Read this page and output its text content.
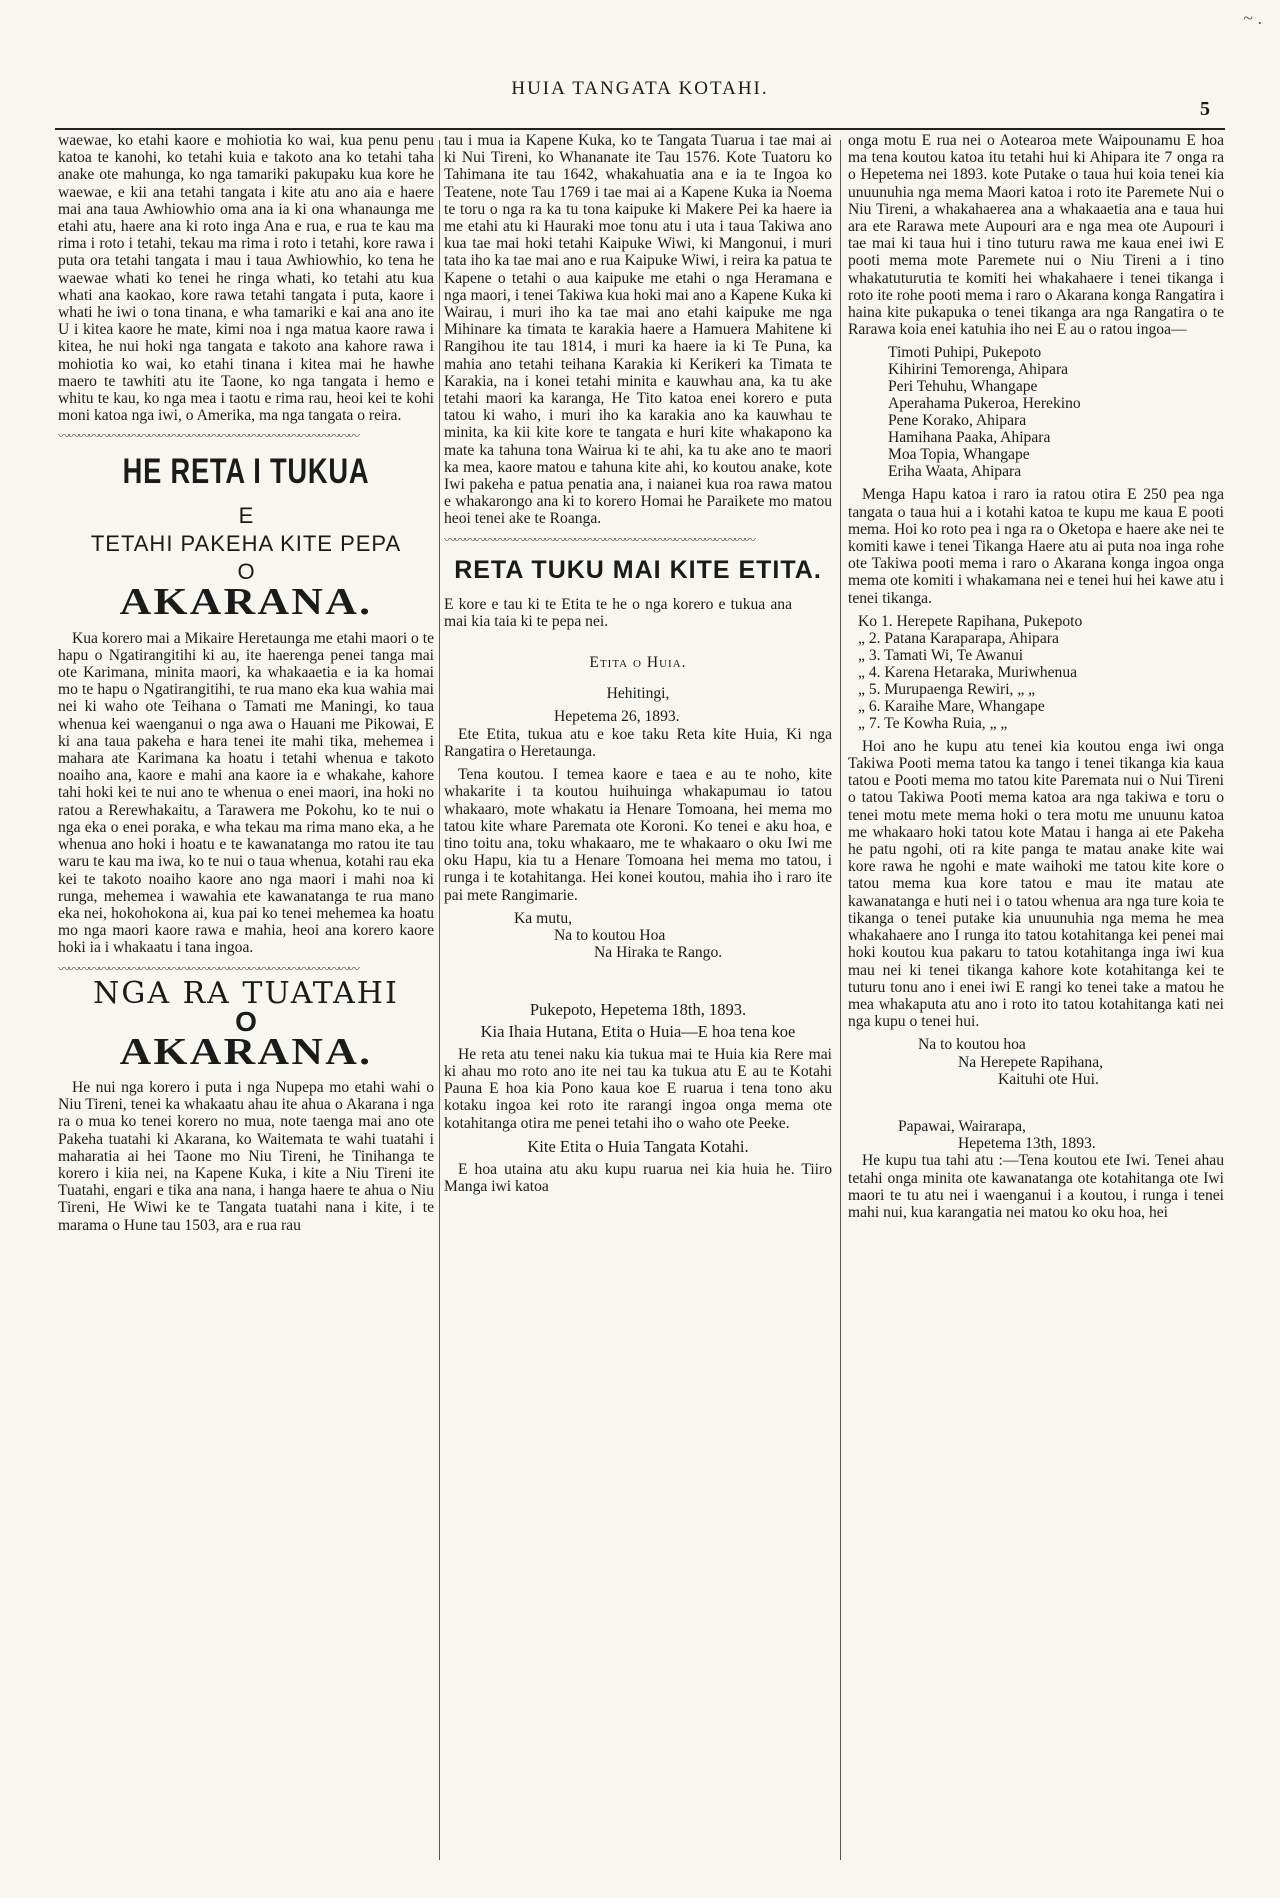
HUIA TANGATA KOTAHI.
5
~ .

waewae, ko etahi kaore e mohiotia ko wai, kua penu penu katoa te kanohi, ko tetahi kuia e takoto ana ko tetahi taha anake ote mahunga, ko nga tamariki pakupaku kua kore he waewae, e kii ana tetahi tangata i kite atu ano aia e haere mai ana taua Awhiowhio oma ana ia ki ona whanaunga me etahi atu, haere ana ki roto inga Ana e rua, e rua te kau ma rima i roto i tetahi, tekau ma rima i roto i tetahi, kore rawa i puta ora tetahi tangata i mau i taua Awhiowhio, ko tena he waewae whati ko tenei he ringa whati, ko tetahi atu kua whati ana kaokao, kore rawa tetahi tangata i puta, kaore i whati he iwi o tona tinana, e wha tamariki e kai ana ano ite U i kitea kaore he mate, kimi noa i nga matua kaore rawa i kitea, he nui hoki nga tangata e takoto ana kahore rawa i mohiotia ko wai, ko etahi tinana i kitea mai he hawhe maero te tawhiti atu ite Taone, ko nga tangata i hemo e whitu te kau, ko nga mea i taotu e rima rau, heoi kei te kohi moni katoa nga iwi, o Amerika, ma nga tangata o reira.

〰〰〰〰〰〰〰〰〰〰〰〰〰〰〰〰〰〰〰〰〰〰〰〰〰〰〰〰〰〰
HE RETA I TUKUA
E
TETAHI PAKEHA KITE PEPA
O
AKARANA.

Kua korero mai a Mikaire Heretaunga me etahi maori o te hapu o Ngatirangitihi ki au, ite haerenga penei tanga mai ote Karimana, minita maori, ka whakaaetia e ia ka homai mo te hapu o Ngatirangitihi, te rua mano eka kua wahia mai nei ki waho ote Teihana o Tamati me Maningi, ko taua whenua kei waenganui o nga awa o Hauani me Pikowai, E ki ana taua pakeha e hara tenei ite mahi tika, mehemea i mahara ate Karimana ka hoatu i tetahi whenua e takoto noaiho ana, kaore e mahi ana kaore ia e whakahe, kahore tahi hoki kei te nui ano te whenua o enei maori, ina hoki no ratou a Rerewhakaitu, a Tarawera me Pokohu, ko te nui o nga eka o enei poraka, e wha tekau ma rima mano eka, a he whenua ano hoki i hoatu e te kawanatanga mo ratou ite tau waru te kau ma iwa, ko te nui o taua whenua, kotahi rau eka kei te takoto noaiho kaore ano nga maori i mahi noa ki runga, mehemea i wawahia ete kawanatanga te rua mano eka nei, hokohokona ai, kua pai ko tenei mehemea ka hoatu mo nga maori kaore rawa e mahia, heoi ana korero kaore hoki ia i whakaatu i tana ingoa.

〰〰〰〰〰〰〰〰〰〰〰〰〰〰〰〰〰〰〰〰〰〰〰〰〰〰〰〰〰〰
NGA RA TUATAHI
O
AKARANA.

He nui nga korero i puta i nga Nupepa mo etahi wahi o Niu Tireni, tenei ka whakaatu ahau ite ahua o Akarana i nga ra o mua ko tenei korero no mua, note taenga mai ano ote Pakeha tuatahi ki Akarana, ko Waitemata te wahi tuatahi i maharatia ai hei Taone mo Niu Tireni, he Tinihanga te korero i kiia nei, na Kapene Kuka, i kite a Niu Tireni ite Tuatahi, engari e tika ana nana, i hanga haere te ahua o Niu Tireni, He Wiwi ke te Tangata tuatahi nana i kite, i te marama o Hune tau 1503, ara e rua rau

tau i mua ia Kapene Kuka, ko te Tangata Tuarua i tae mai ai ki Nui Tireni, ko Whananate ite Tau 1576. Kote Tuatoru ko Tahimana ite tau 1642, whakahuatia ana e ia te Ingoa ko Teatene, note Tau 1769 i tae mai ai a Kapene Kuka ia Noema te toru o nga ra ka tu tona kaipuke ki Makere Pei ka haere ia me etahi atu ki Hauraki moe tonu atu i uta i taua Takiwa ano kua tae mai hoki tetahi Kaipuke Wiwi, ki Mangonui, i muri tata iho ka tae mai ano e rua Kaipuke Wiwi, i reira ka patua te Kapene o tetahi o aua kaipuke me etahi o nga Heramana e nga maori, i tenei Takiwa kua hoki mai ano a Kapene Kuka ki Wairau, i muri iho ka tae mai ano etahi kaipuke me nga Mihinare ka timata te karakia haere a Hamuera Mahitene ki Rangihou ite tau 1814, i muri ka haere ia ki Te Puna, ka mahia ano tetahi teihana Karakia ki Kerikeri ka Timata te Karakia, na i konei tetahi minita e kauwhau ana, ka tu ake tetahi maori ka karanga, He Tito katoa enei korero e puta tatou ki waho, i muri iho ka karakia ano ka kauwhau te minita, ka kii kite kore te tangata e huri kite whakapono ka mate ka tahuna tona Wairua ki te ahi, ka tu ake ano te maori ka mea, kaore matou e tahuna kite ahi, ko koutou anake, kote Iwi pakeha e patua penatia ana, i naianei kua roa rawa matou e whakarongo ana ki to korero Homai he Paraikete mo matou heoi tenei ake te Roanga.

〰〰〰〰〰〰〰〰〰〰〰〰〰〰〰〰〰〰〰〰〰〰〰〰〰〰〰〰〰〰〰
RETA TUKU MAI KITE ETITA.

E kore e tau ki te Etita te he o nga korero e tukua ana mai kia taia ki te pepa nei.

Etita o Huia.

Hehitingi,

Hepetema 26, 1893.

Ete Etita, tukua atu e koe taku Reta kite Huia, Ki nga Rangatira o Heretaunga.

Tena koutou. I temea kaore e taea e au te noho, kite whakarite i ta koutou huihuinga whakapumau io tatou whakaaro, mote whakatu ia Henare Tomoana, hei mema mo tatou kite whare Paremata ote Koroni. Ko tenei e aku hoa, e tino toitu ana, toku whakaaro, me te whakaaro o oku Iwi me oku Hapu, kia tu a Henare Tomoana hei mema mo tatou, i runga i te kotahitanga. Hei konei koutou, mahia iho i raro ite pai mete Rangimarie.

Ka mutu,

Na to koutou Hoa

Na Hiraka te Rango.

Pukepoto, Hepetema 18th, 1893.

Kia Ihaia Hutana, Etita o Huia—E hoa tena koe

He reta atu tenei naku kia tukua mai te Huia kia Rere mai ki ahau mo roto ano ite nei tau ka tukua atu E au te Kotahi Pauna E hoa kia Pono kaua koe E ruarua i tena tono aku kotaku ingoa kei roto ite rarangi ingoa onga mema ote kotahitanga otira me penei tetahi iho o waho ote Peeke.

Kite Etita o Huia Tangata Kotahi.

E hoa utaina atu aku kupu ruarua nei kia huia he. Tiiro Manga iwi katoa

onga motu E rua nei o Aotearoa mete Waipounamu E hoa ma tena koutou katoa itu tetahi hui ki Ahipara ite 7 onga ra o Hepetema nei 1893. kote Putake o taua hui koia tenei kia unuunuhia nga mema Maori katoa i roto ite Paremete Nui o Niu Tireni, a whakahaerea ana a whakaaetia ana e taua hui ara ete Rarawa mete Aupouri ara e nga mea ote Aupouri i tae mai ki taua hui i tino tuturu rawa me kaua enei iwi E pooti mema mote Paremete nui o Niu Tireni a i tino whakatuturutia te komiti hei whakahaere i tenei tikanga i roto ite rohe pooti mema i raro o Akarana konga Rangatira i haina kite pukapuka o tenei tikanga ara nga Rangatira o te Rarawa koia enei katuhia iho nei E au o ratou ingoa—

Timoti Puhipi, Pukepoto
Kihirini Temorenga, Ahipara
Peri Tehuhu, Whangape
Aperahama Pukeroa, Herekino
Pene Korako, Ahipara
Hamihana Paaka, Ahipara
Moa Topia, Whangape
Eriha Waata, Ahipara

Menga Hapu katoa i raro ia ratou otira E 250 pea nga tangata o taua hui a i kotahi katoa te kupu me kaua E pooti mema. Hoi ko roto pea i nga ra o Oketopa e haere ake nei te komiti kawe i tenei Tikanga Haere atu ai puta noa inga rohe ote Takiwa pooti mema i raro o Akarana konga ingoa onga mema ote komiti i whakamana nei e tenei hui hei kawe atu i tenei tikanga.

Ko 1. Herepete Rapihana, Pukepoto
„ 2. Patana Karaparapa, Ahipara
„ 3. Tamati Wi, Te Awanui
„ 4. Karena Hetaraka, Muriwhenua
„ 5. Murupaenga Rewiri, „ „
„ 6. Karaihe Mare, Whangape
„ 7. Te Kowha Ruia, „ „

Hoi ano he kupu atu tenei kia koutou enga iwi onga Takiwa Pooti mema tatou ka tango i tenei tikanga kia kaua tatou e Pooti mema mo tatou kite Paremata nui o Nui Tireni o tatou Takiwa Pooti mema katoa ara nga takiwa e toru o tenei motu mete mema hoki o tera motu me unuunu katoa me whakaaro hoki tatou kote Matau i hanga ai ete Pakeha he patu ngohi, oti ra kite panga te matau anake kite wai kore rawa he ngohi e mate waihoki me tatou kite kore o tatou mema kua kore tatou e mau ite matau ate kawanatanga e huti nei i o tatou whenua ara nga ture koia te tikanga o tenei putake kia unuunuhia nga mema he mea whakahaere ano I runga ito tatou kotahitanga kei penei mai hoki koutou kua pakaru to tatou kotahitanga inga iwi kua mau nei ki tenei tikanga kahore kote kotahitanga kei te tuturu tonu ano i enei iwi E rangi ko tenei take a matou he mea whakaputa atu ano i roto ito tatou kotahitanga kati nei nga kupu o tenei hui.

Na to koutou hoa

Na Herepete Rapihana,

Kaituhi ote Hui.

Papawai, Wairarapa,

Hepetema 13th, 1893.

He kupu tua tahi atu :—Tena koutou ete Iwi. Tenei ahau tetahi onga minita ote kawanatanga ote kotahitanga ote Iwi maori te tu atu nei i waenganui i a koutou, i runga i tenei mahi nui, kua karangatia nei matou ko oku hoa, hei
